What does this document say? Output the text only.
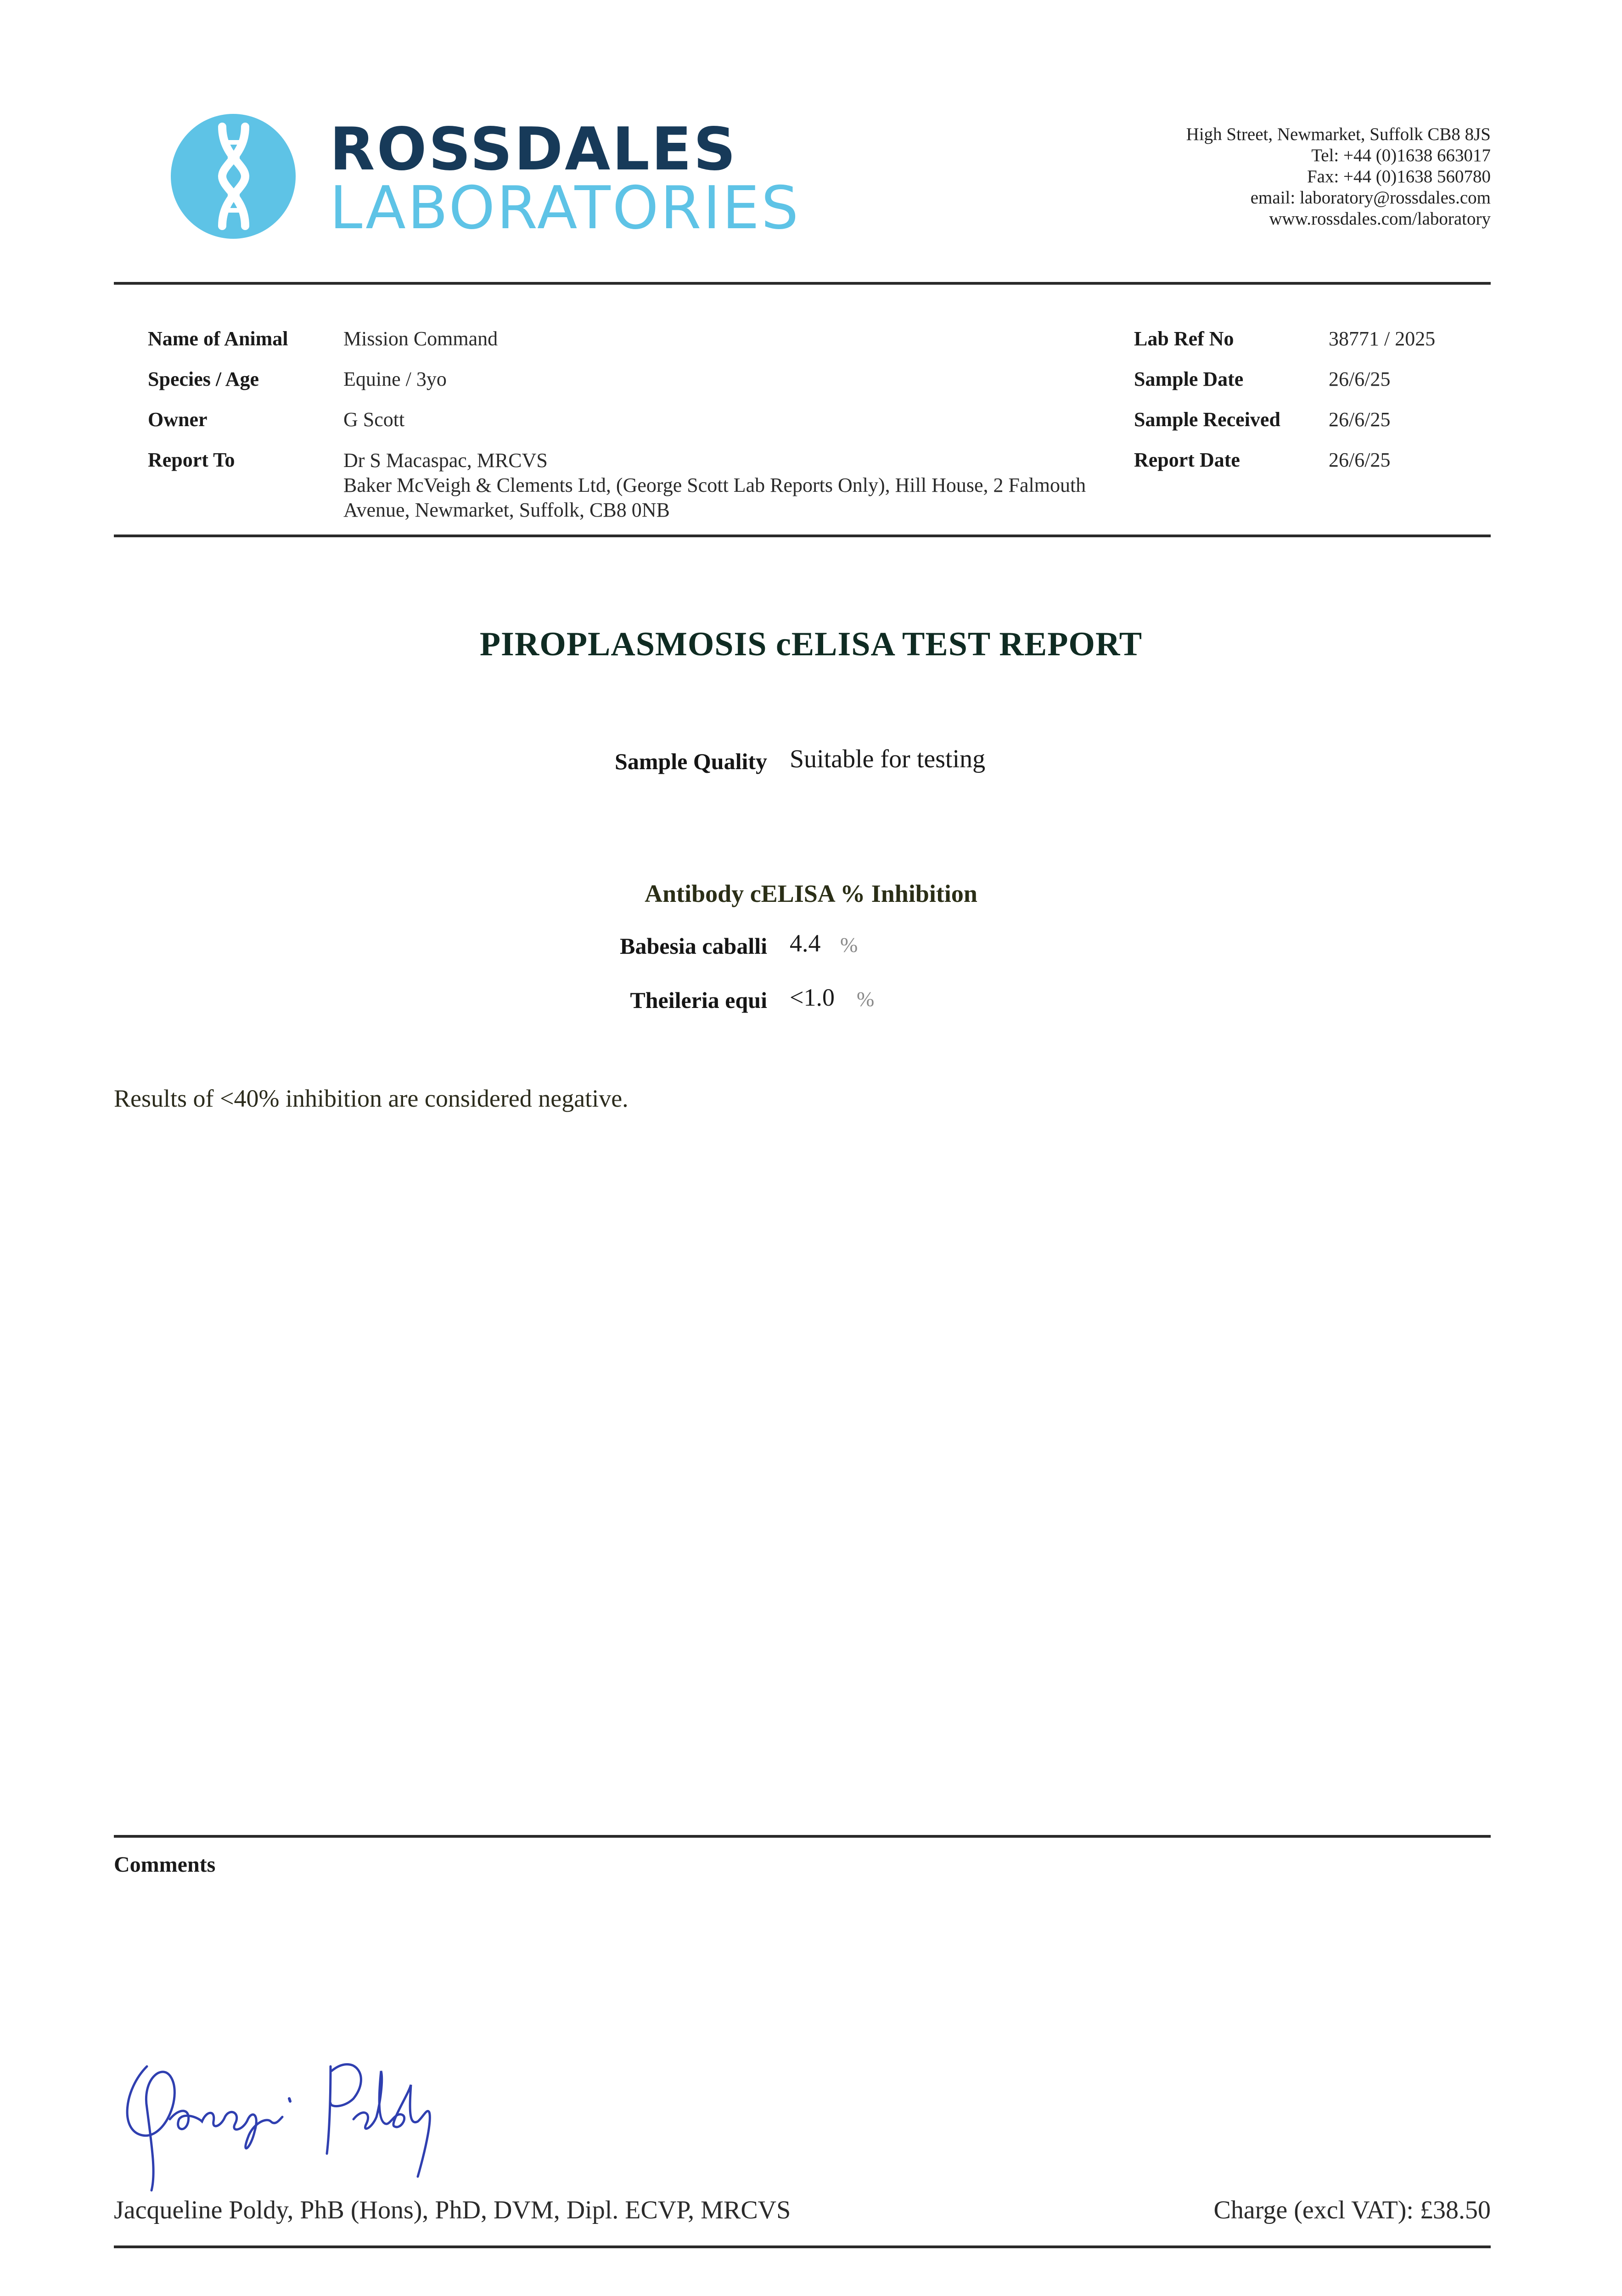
ROSSDALES
LABORATORIES
High Street, Newmarket, Suffolk CB8 8JS
Tel: +44 (0)1638 663017
Fax: +44 (0)1638 560780
email: laboratory@rossdales.com
www.rossdales.com/laboratory
Name of Animal	Mission Command
Species / Age	Equine / 3yo
Owner	G Scott
Report To	Dr S Macaspac, MRCVS
Baker McVeigh & Clements Ltd, (George Scott Lab Reports Only), Hill House, 2 Falmouth Avenue, Newmarket, Suffolk, CB8 0NB
Lab Ref No	38771 / 2025
Sample Date	26/6/25
Sample Received 26/6/25
Report Date	26/6/25
PIROPLASMOSIS cELISA TEST REPORT
Sample Quality Suitable for testing
Antibody cELISA % Inhibition
Babesia caballi 4.4 %
Theileria equi <1.0 %
Results of <40% inhibition are considered negative.
Comments
Jacqueline Poldy, PhB (Hons), PhD, DVM, Dipl. ECVP, MRCVS	Charge (excl VAT): £38.50
